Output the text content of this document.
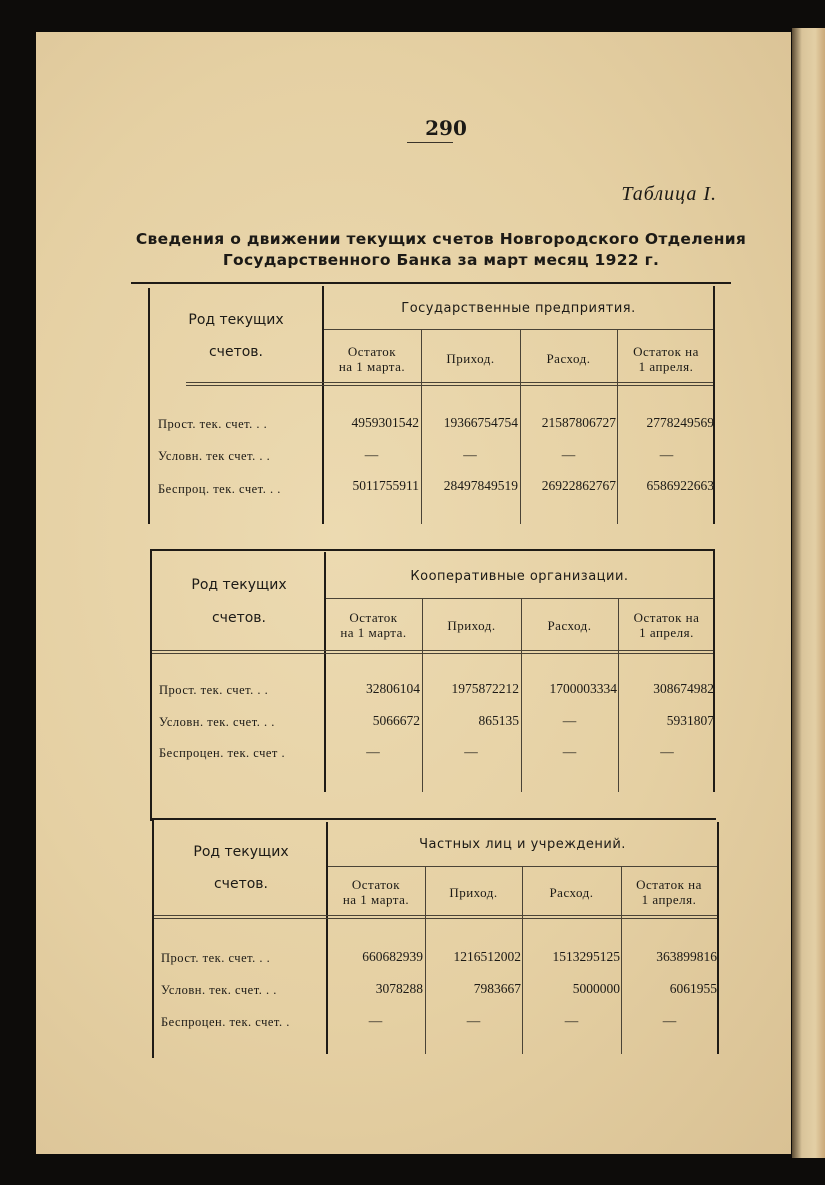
290
Таблица I.
Сведения о движении текущих счетов Новгородского Отделения
Государственного Банка за март месяц 1922 г.
Род текущих
счетов.
Государственные предприятия.
Остаток
на 1 марта.
Приход.	Расход.	Остаток на
1 апреля.
Прост. тек. счет. . .	4959301542	19366754754	21587806727	2778249569
Условн. тек счет. . .	—	—	—	—
Беспроц. тек. счет. . .	5011755911	28497849519	26922862767	6586922663
Род текущих
счетов.
Кооперативные организации.
Остаток
на 1 марта.	Приход.	Расход.
Остаток на
1 апреля.
Прост. тек. счет. . .	32806104	1975872212	1700003334	308674982
Условн. тек. счет. . .	5066672	865135	—	5931807
Беспроцен. тек. счет .	—	—	—	—
Род текущих
счетов.
Частных лиц и учреждений.
Остаток
на 1 марта.	Приход.	Расход.
Остаток на
1 апреля.
Прост. тек. счет. . .	660682939	1216512002	1513295125	363899816
Условн. тек. счет. . .	3078288	7983667	5000000	6061955
Беспроцен. тек. счет. .	—	—	—	—
